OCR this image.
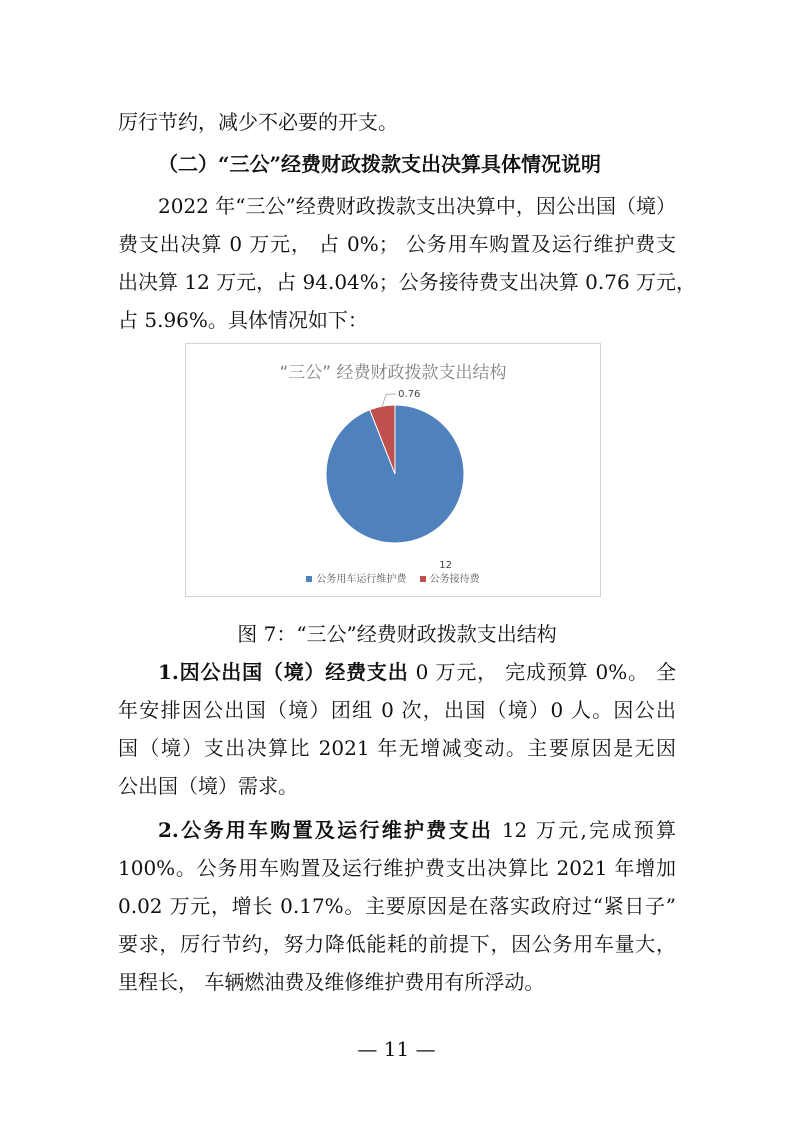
厉行节约，减少不必要的开支。
（二）“三公”经费财政拨款支出决算具体情况说明
2022 年“三公”经费财政拨款支出决算中，因公出国（境）
费支出决算 0 万元， 占 0%； 公务用车购置及运行维护费支
出决算 12 万元，占 94.04%；公务接待费支出决算 0.76 万元，
占 5.96%。具体情况如下：
“三公” 经费财政拨款支出结构
12
0.76
公务用车运行维护费 公务接待费
图 7：“三公”经费财政拨款支出结构
1.因公出国（境）经费支出 0 万元， 完成预算 0%。 全
年安排因公出国（境）团组 0 次，出国（境）0 人。因公出
国（境）支出决算比 2021 年无增减变动。主要原因是无因
公出国（境）需求。
2.公务用车购置及运行维护费支出 12 万元,完成预算
100%。公务用车购置及运行维护费支出决算比 2021 年增加
0.02 万元，增长 0.17%。主要原因是在落实政府过“紧日子”
要求，厉行节约，努力降低能耗的前提下，因公务用车量大，
里程长， 车辆燃油费及维修维护费用有所浮动。
— 11 —
